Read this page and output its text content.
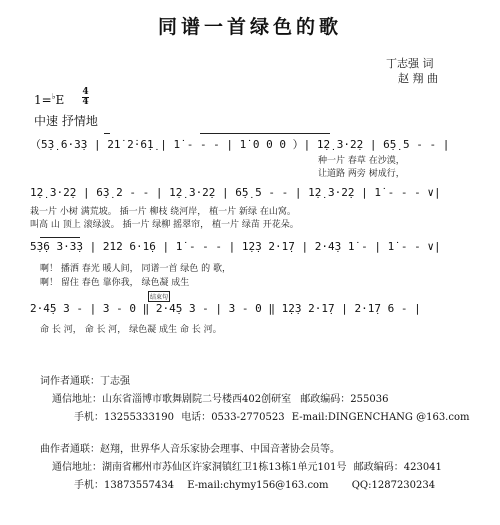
同谱一首绿色的歌
丁志强 词
赵 翔 曲
1=♭E
4
4
中速 抒情地
（5̣3̣ 6·3̣3 | 2̇1̇ 2̇·6̣1̣ | 1̇ - - - | 1̇ 0 0 0 ）| 1̣2̣ 3·2̣2 | 6̣5̣ 5 - - |
种一片 春草 在沙漠，
让道路 两旁 树成行，
1̣2̣ 3·2̣2 | 6̣3̣ 2 - - | 1̣2̣ 3·2̣2 | 6̣5̣ 5 - - | 1̣2̣ 3·2̣2 | 1̇ - - - ∨|
栽一片 小树 满荒坡。 插一片 柳枝 绕河岸， 植一片 新绿 在山窝。
叫高 山 顶上 滚绿波。 插一片 绿柳 摇翠帘， 植一片 绿苗 开花朵。
5̣3̣6 3·3̣3 | 2̇1̇2 6·1̣6 | 1̇ - - - | 1̣2̣3 2·1̣7 | 2·4̣3 1̇ - | 1̇ - - ∨|
啊！ 播洒 春光 暖人间， 同谱一首 绿色 的 歌，
啊！ 留住 春色 靠你我， 绿色凝 成生
结束句
2·4̣5 3 - | 3 - 0 ‖ 2·4̣5 3 - | 3 - 0 ‖ 1̣2̣3 2·1̣7 | 2·1̣7 6 - |
命 长 河， 命 长 河， 绿色凝 成生 命 长 河。
词作者通联：丁志强
通信地址：山东省淄博市歌舞剧院二号楼西402创研室 邮政编码：255036
手机：13255333190 电话：0533-2770523 E-mail:DINGENCHANG @163.com
曲作者通联：赵翔，世界华人音乐家协会理事、中国音著协会员等。
通信地址：湖南省郴州市苏仙区许家洞镇红卫1栋13栋1单元101号 邮政编码：423041
手机：13873557434 E-mail:chymy156@163.com QQ:1287230234
